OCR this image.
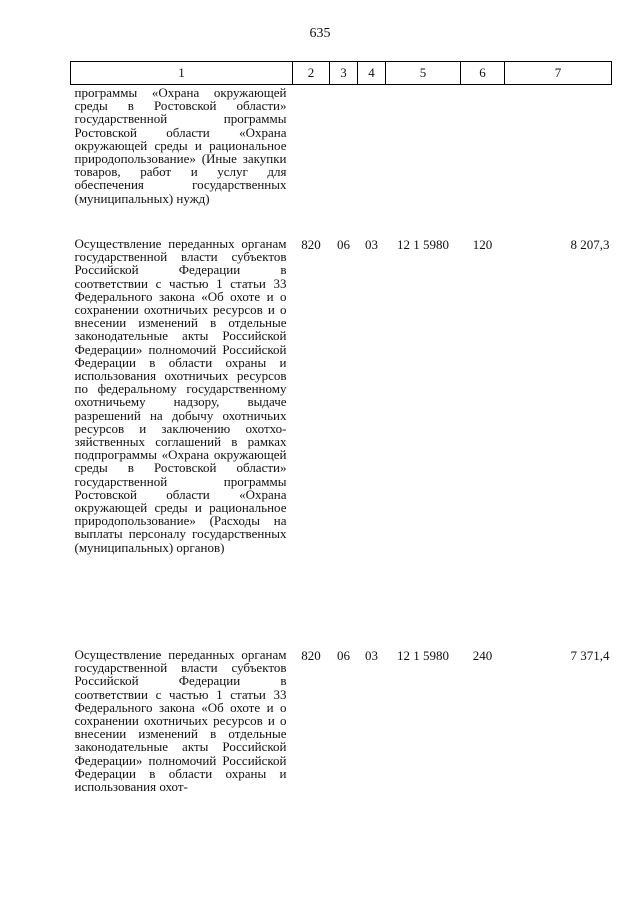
635
1	2	3	4	5	6	7
программы «Охрана окружающей среды в Ростовской области» государственной программы Ростовской области «Охрана окружающей среды и рациональное природопользование» (Иные закупки товаров, работ и услуг для обеспечения государственных (муниципальных) нужд)						
Осуществление переданных органам государственной власти субъектов Российской Федерации в соответствии с частью 1 статьи 33 Федерального закона «Об охоте и о сохранении охотничьих ресурсов и о внесении изменений в отдельные законодательные акты Российской Федерации» полномочий Российской Федерации в области охраны и использования охотничьих ресурсов по федеральному государственному охотничьему надзору, выдаче разрешений на добычу охотничьих ресурсов и заключению охотхозяйственных соглашений в рамках подпрограммы «Охрана окружающей среды в Ростовской области» государственной программы Ростовской области «Охрана окружающей среды и рациональное природопользование» (Расходы на выплаты персоналу государственных (муниципальных) органов)	820	06	03	12 1 5980	120	8 207,3
Осуществление переданных органам государственной власти субъектов Российской Федерации в соответствии с частью 1 статьи 33 Федерального закона «Об охоте и о сохранении охотничьих ресурсов и о внесении изменений в отдельные законодательные акты Российской Федерации» полномочий Российской Федерации в области охраны и использования охот-	820	06	03	12 1 5980	240	7 371,4
